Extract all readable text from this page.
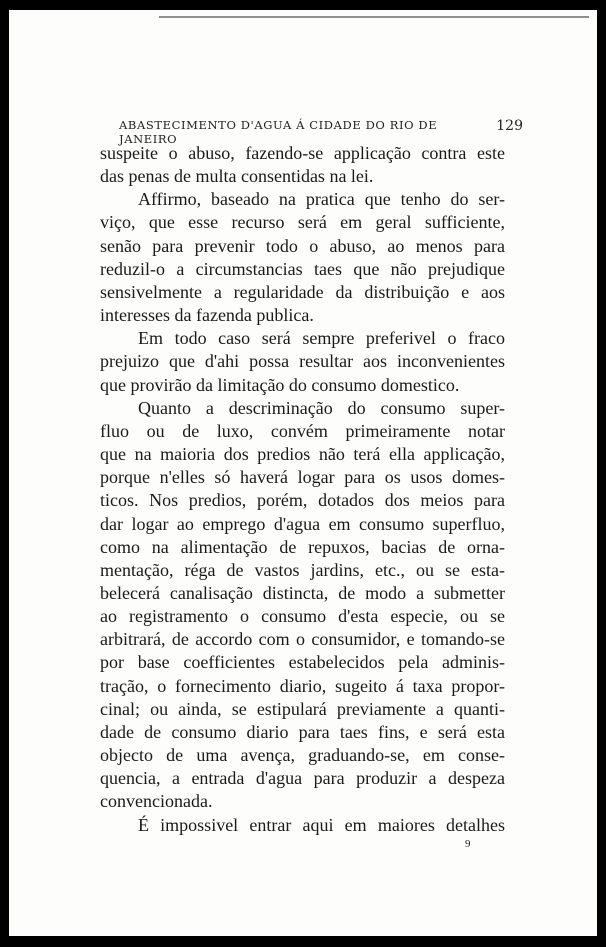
ABASTECIMENTO D'AGUA Á CIDADE DO RIO DE JANEIRO
129
suspeite o abuso, fazendo-se applicação contra este
das penas de multa consentidas na lei.
Affirmo, baseado na pratica que tenho do ser-
viço, que esse recurso será em geral sufficiente,
senão para prevenir todo o abuso, ao menos para
reduzil-o a circumstancias taes que não prejudique
sensivelmente a regularidade da distribuição e aos
interesses da fazenda publica.
Em todo caso será sempre preferivel o fraco
prejuizo que d'ahi possa resultar aos inconvenientes
que provirão da limitação do consumo domestico.
Quanto a descriminação do consumo super-
fluo ou de luxo, convém primeiramente notar
que na maioria dos predios não terá ella applicação,
porque n'elles só haverá logar para os usos domes-
ticos. Nos predios, porém, dotados dos meios para
dar logar ao emprego d'agua em consumo superfluo,
como na alimentação de repuxos, bacias de orna-
mentação, réga de vastos jardins, etc., ou se esta-
belecerá canalisação distincta, de modo a submetter
ao registramento o consumo d'esta especie, ou se
arbitrará, de accordo com o consumidor, e tomando-se
por base coefficientes estabelecidos pela adminis-
tração, o fornecimento diario, sugeito á taxa propor-
cinal; ou ainda, se estipulará previamente a quanti-
dade de consumo diario para taes fins, e será esta
objecto de uma avença, graduando-se, em conse-
quencia, a entrada d'agua para produzir a despeza
convencionada.
É impossivel entrar aqui em maiores detalhes
9
